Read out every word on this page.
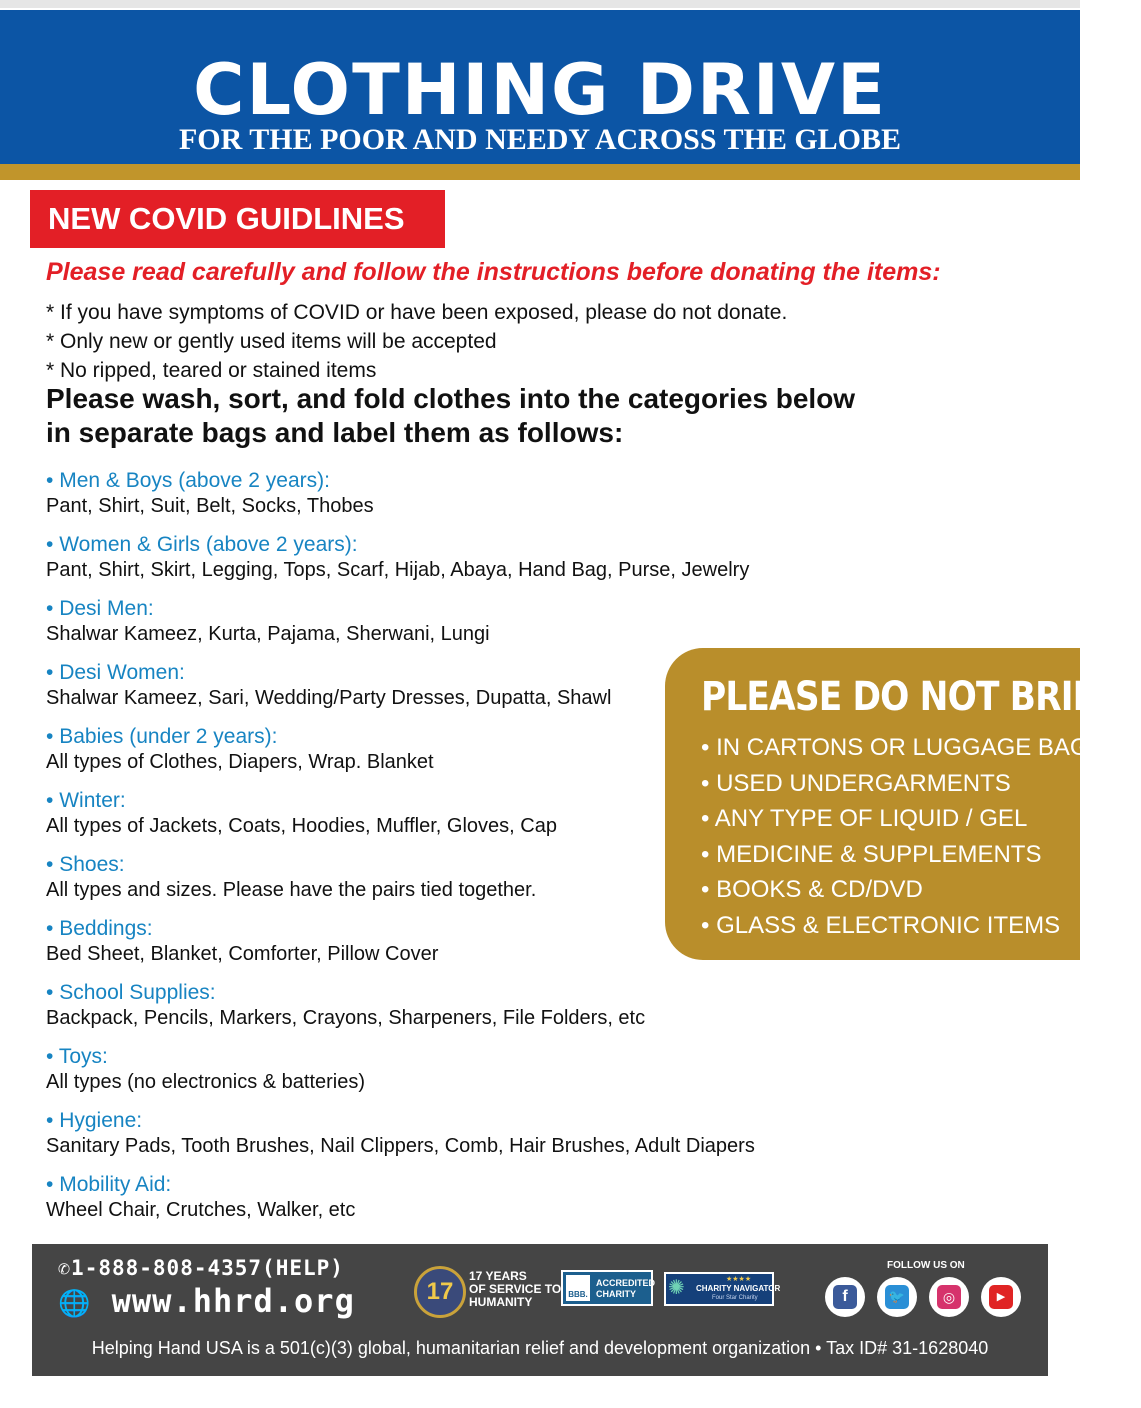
CLOTHING DRIVE
FOR THE POOR AND NEEDY ACROSS THE GLOBE
NEW COVID GUIDLINES
Please read carefully and follow the instructions before donating the items:
* If you have symptoms of COVID or have been exposed, please do not donate.
* Only new or gently used items will be accepted
* No ripped, teared or stained items
Please wash, sort, and fold clothes into the categories below
in separate bags and label them as follows:
• Men & Boys (above 2 years):
Pant, Shirt, Suit, Belt, Socks, Thobes
• Women & Girls (above 2 years):
Pant, Shirt, Skirt, Legging, Tops, Scarf, Hijab, Abaya, Hand Bag, Purse, Jewelry
• Desi Men:
Shalwar Kameez, Kurta, Pajama, Sherwani, Lungi
• Desi Women:
Shalwar Kameez, Sari, Wedding/Party Dresses, Dupatta, Shawl
• Babies (under 2 years):
All types of Clothes, Diapers, Wrap. Blanket
• Winter:
All types of Jackets, Coats, Hoodies, Muffler, Gloves, Cap
• Shoes:
All types and sizes. Please have the pairs tied together.
• Beddings:
Bed Sheet, Blanket, Comforter, Pillow Cover
• School Supplies:
Backpack, Pencils, Markers, Crayons, Sharpeners, File Folders, etc
• Toys:
All types (no electronics & batteries)
• Hygiene:
Sanitary Pads, Tooth Brushes, Nail Clippers, Comb, Hair Brushes, Adult Diapers
• Mobility Aid:
Wheel Chair, Crutches, Walker, etc
PLEASE DO NOT BRING:
• IN CARTONS OR LUGGAGE BAGS
• USED UNDERGARMENTS
• ANY TYPE OF LIQUID / GEL
• MEDICINE & SUPPLEMENTS
• BOOKS & CD/DVD
• GLASS & ELECTRONIC ITEMS
✆1-888-808-4357(HELP)
🌐 www.hhrd.org	17
17 YEARS
OF SERVICE TO
HUMANITY
BBB.
ACCREDITED
CHARITY	✺	★★★★
CHARITY NAVIGATOR
Four Star Charity
FOLLOW US ON
f	🐦	◎	▶
Helping Hand USA is a 501(c)(3) global, humanitarian relief and development organization • Tax ID# 31-1628040
